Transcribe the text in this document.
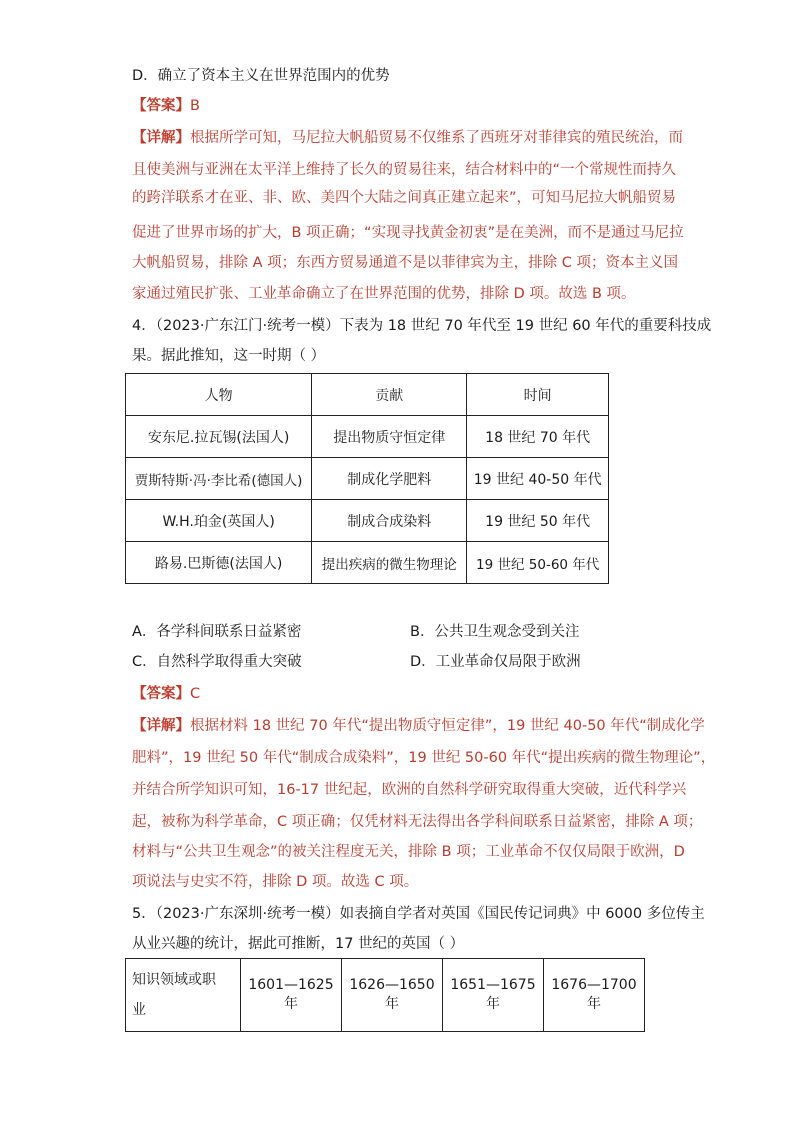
D．确立了资本主义在世界范围内的优势
【答案】B
【详解】根据所学可知，马尼拉大帆船贸易不仅维系了西班牙对菲律宾的殖民统治，而
且使美洲与亚洲在太平洋上维持了长久的贸易往来，结合材料中的“一个常规性而持久
的跨洋联系才在亚、非、欧、美四个大陆之间真正建立起来”，可知马尼拉大帆船贸易
促进了世界市场的扩大，B 项正确；“实现寻找黄金初衷”是在美洲，而不是通过马尼拉
大帆船贸易，排除 A 项；东西方贸易通道不是以菲律宾为主，排除 C 项；资本主义国
家通过殖民扩张、工业革命确立了在世界范围的优势，排除 D 项。故选 B 项。
4．（2023·广东江门·统考一模）下表为 18 世纪 70 年代至 19 世纪 60 年代的重要科技成
果。据此推知，这一时期（ ）
人物	贡献	时间
安东尼.拉瓦锡(法国人)	提出物质守恒定律	18 世纪 70 年代
贾斯特斯·冯·李比希(德国人)	制成化学肥料	19 世纪 40-50 年代
W.H.珀金(英国人)	制成合成染料	19 世纪 50 年代
路易.巴斯德(法国人)	提出疾病的微生物理论	19 世纪 50-60 年代
A．各学科间联系日益紧密	B．公共卫生观念受到关注
C．自然科学取得重大突破	D．工业革命仅局限于欧洲
【答案】C
【详解】根据材料 18 世纪 70 年代“提出物质守恒定律”，19 世纪 40-50 年代“制成化学
肥料”，19 世纪 50 年代“制成合成染料”，19 世纪 50-60 年代“提出疾病的微生物理论”，
并结合所学知识可知，16-17 世纪起，欧洲的自然科学研究取得重大突破，近代科学兴
起，被称为科学革命，C 项正确；仅凭材料无法得出各学科间联系日益紧密，排除 A 项；
材料与“公共卫生观念”的被关注程度无关，排除 B 项；工业革命不仅仅局限于欧洲，D
项说法与史实不符，排除 D 项。故选 C 项。
5．（2023·广东深圳·统考一模）如表摘自学者对英国《国民传记词典》中 6000 多位传主
从业兴趣的统计，据此可推断，17 世纪的英国（ ）
知识领域或职
业	1601—1625 年	1626—1650 年	1651—1675 年	1676—1700 年
